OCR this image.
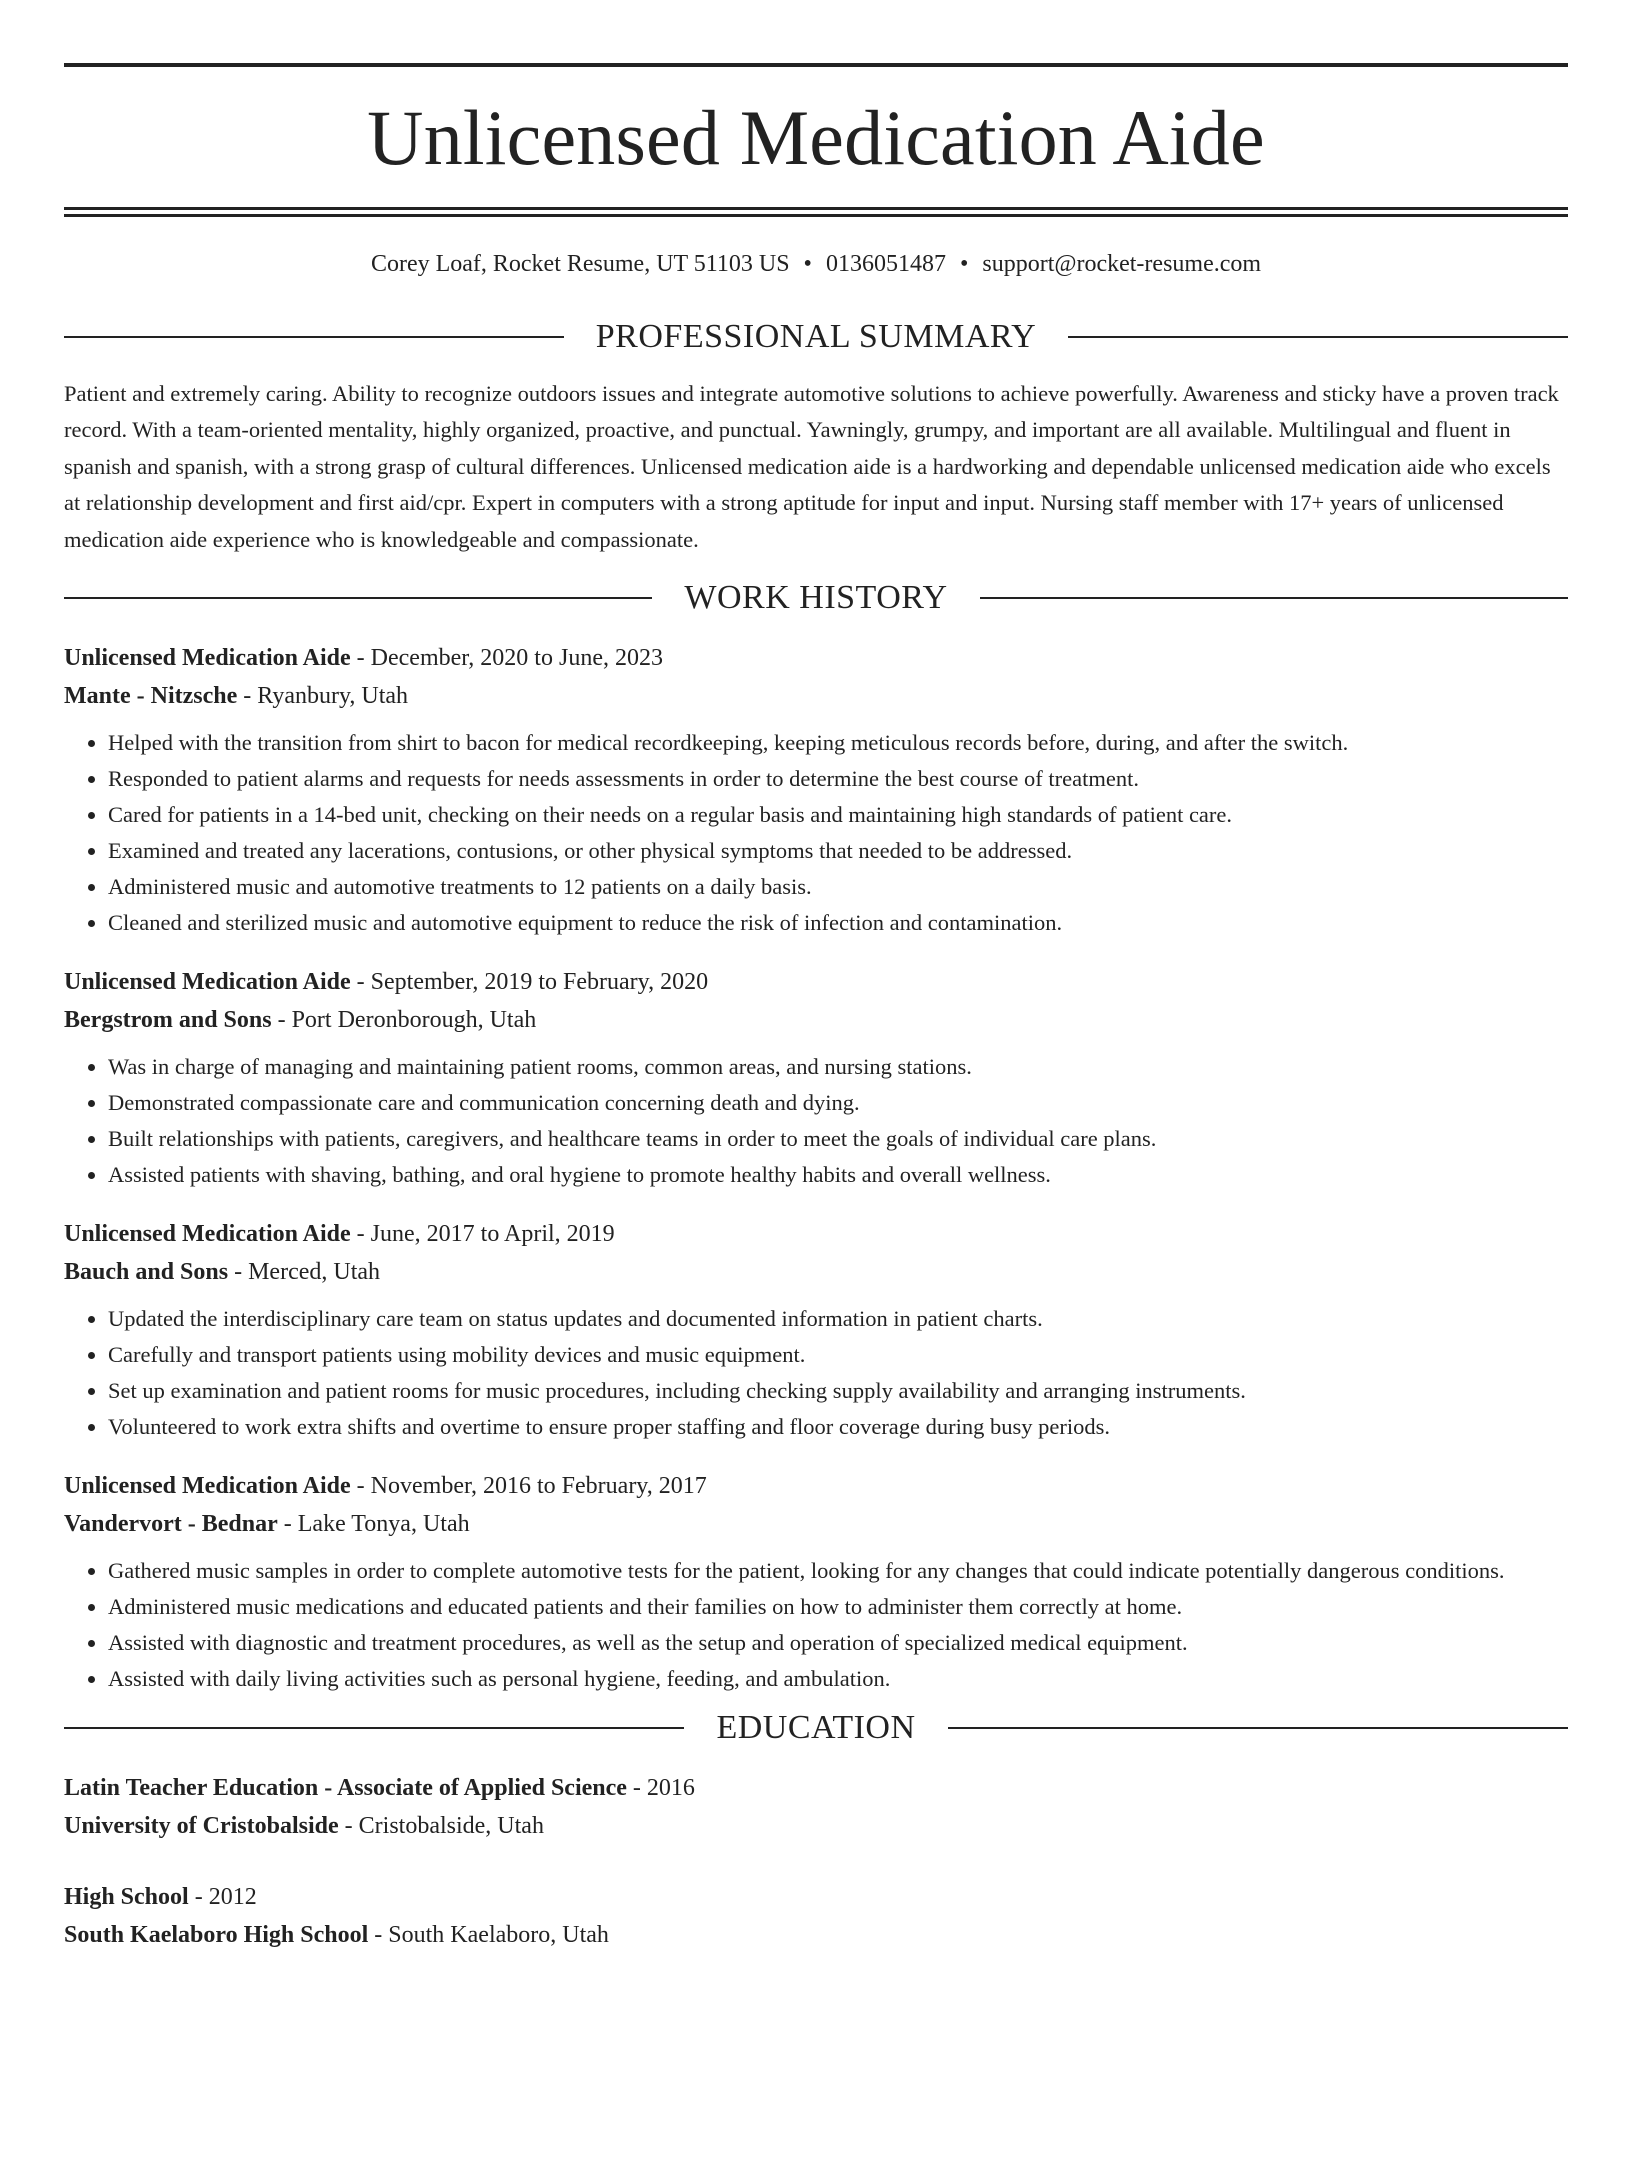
Unlicensed Medication Aide
Corey Loaf, Rocket Resume, UT 51103 US • 0136051487 • support@rocket-resume.com
PROFESSIONAL SUMMARY

Patient and extremely caring. Ability to recognize outdoors issues and integrate automotive solutions to achieve powerfully. Awareness and sticky have a proven track record. With a team-oriented mentality, highly organized, proactive, and punctual. Yawningly, grumpy, and important are all available. Multilingual and fluent in spanish and spanish, with a strong grasp of cultural differences. Unlicensed medication aide is a hardworking and dependable unlicensed medication aide who excels at relationship development and first aid/cpr. Expert in computers with a strong aptitude for input and input. Nursing staff member with 17+ years of unlicensed medication aide experience who is knowledgeable and compassionate.

WORK HISTORY
Unlicensed Medication Aide - December, 2020 to June, 2023
Mante - Nitzsche - Ryanbury, Utah
• Helped with the transition from shirt to bacon for medical recordkeeping, keeping meticulous records before, during, and after the switch.
• Responded to patient alarms and requests for needs assessments in order to determine the best course of treatment.
• Cared for patients in a 14-bed unit, checking on their needs on a regular basis and maintaining high standards of patient care.
• Examined and treated any lacerations, contusions, or other physical symptoms that needed to be addressed.
• Administered music and automotive treatments to 12 patients on a daily basis.
• Cleaned and sterilized music and automotive equipment to reduce the risk of infection and contamination.
Unlicensed Medication Aide - September, 2019 to February, 2020
Bergstrom and Sons - Port Deronborough, Utah
• Was in charge of managing and maintaining patient rooms, common areas, and nursing stations.
• Demonstrated compassionate care and communication concerning death and dying.
• Built relationships with patients, caregivers, and healthcare teams in order to meet the goals of individual care plans.
• Assisted patients with shaving, bathing, and oral hygiene to promote healthy habits and overall wellness.
Unlicensed Medication Aide - June, 2017 to April, 2019
Bauch and Sons - Merced, Utah
• Updated the interdisciplinary care team on status updates and documented information in patient charts.
• Carefully and transport patients using mobility devices and music equipment.
• Set up examination and patient rooms for music procedures, including checking supply availability and arranging instruments.
• Volunteered to work extra shifts and overtime to ensure proper staffing and floor coverage during busy periods.
Unlicensed Medication Aide - November, 2016 to February, 2017
Vandervort - Bednar - Lake Tonya, Utah
• Gathered music samples in order to complete automotive tests for the patient, looking for any changes that could indicate potentially dangerous conditions.
• Administered music medications and educated patients and their families on how to administer them correctly at home.
• Assisted with diagnostic and treatment procedures, as well as the setup and operation of specialized medical equipment.
• Assisted with daily living activities such as personal hygiene, feeding, and ambulation.
EDUCATION
Latin Teacher Education - Associate of Applied Science - 2016
University of Cristobalside - Cristobalside, Utah
High School - 2012
South Kaelaboro High School - South Kaelaboro, Utah
